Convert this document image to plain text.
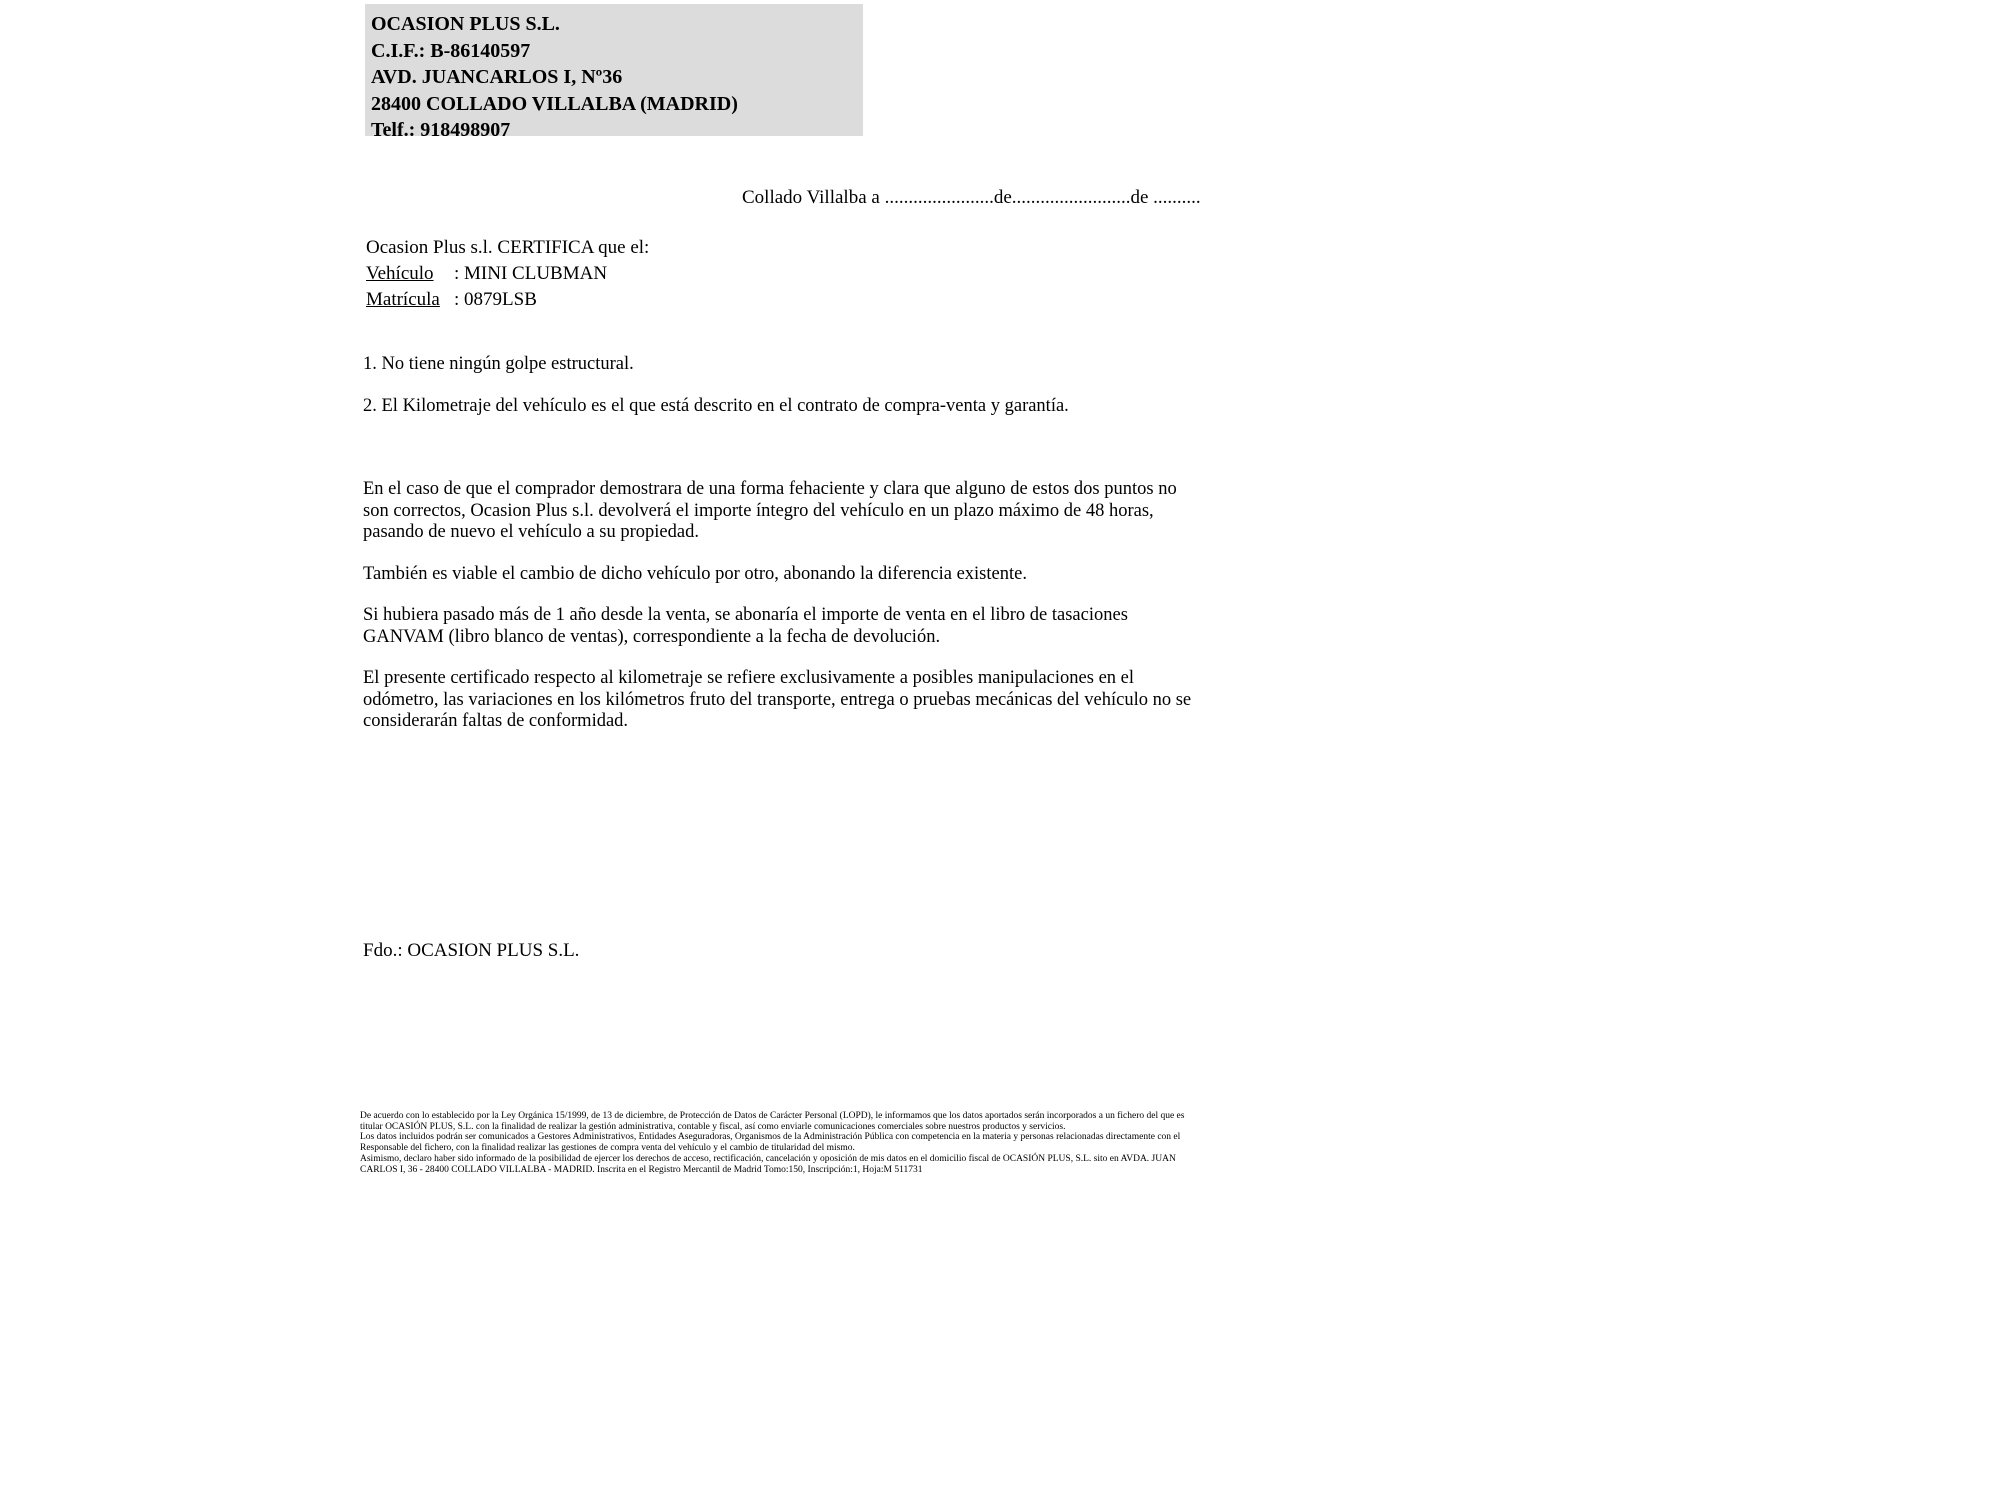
OCASION PLUS S.L.
C.I.F.: B-86140597
AVD. JUANCARLOS I, Nº36
28400 COLLADO VILLALBA (MADRID)
Telf.: 918498907
Collado Villalba a .......................de.........................de ..........
Ocasion Plus s.l. CERTIFICA que el:
Vehículo : MINI CLUBMAN
Matrícula : 0879LSB

1. No tiene ningún golpe estructural.

2. El Kilometraje del vehículo es el que está descrito en el contrato de compra-venta y garantía.

En el caso de que el comprador demostrara de una forma fehaciente y clara que alguno de estos dos puntos no son correctos, Ocasion Plus s.l. devolverá el importe íntegro del vehículo en un plazo máximo de 48 horas, pasando de nuevo el vehículo a su propiedad.

También es viable el cambio de dicho vehículo por otro, abonando la diferencia existente.

Si hubiera pasado más de 1 año desde la venta, se abonaría el importe de venta en el libro de tasaciones GANVAM (libro blanco de ventas), correspondiente a la fecha de devolución.

El presente certificado respecto al kilometraje se refiere exclusivamente a posibles manipulaciones en el odómetro, las variaciones en los kilómetros fruto del transporte, entrega o pruebas mecánicas del vehículo no se considerarán faltas de conformidad.

Fdo.: OCASION PLUS S.L.
De acuerdo con lo establecido por la Ley Orgánica 15/1999, de 13 de diciembre, de Protección de Datos de Carácter Personal (LOPD), le informamos que los datos aportados serán incorporados a un fichero del que es titular OCASIÓN PLUS, S.L. con la finalidad de realizar la gestión administrativa, contable y fiscal, así como enviarle comunicaciones comerciales sobre nuestros productos y servicios.
Los datos incluidos podrán ser comunicados a Gestores Administrativos, Entidades Aseguradoras, Organismos de la Administración Pública con competencia en la materia y personas relacionadas directamente con el Responsable del fichero, con la finalidad realizar las gestiones de compra venta del vehículo y el cambio de titularidad del mismo.
Asimismo, declaro haber sido informado de la posibilidad de ejercer los derechos de acceso, rectificación, cancelación y oposición de mis datos en el domicilio fiscal de OCASIÓN PLUS, S.L. sito en AVDA. JUAN CARLOS I, 36 - 28400 COLLADO VILLALBA - MADRID. Inscrita en el Registro Mercantil de Madrid Tomo:150, Inscripción:1, Hoja:M 511731
